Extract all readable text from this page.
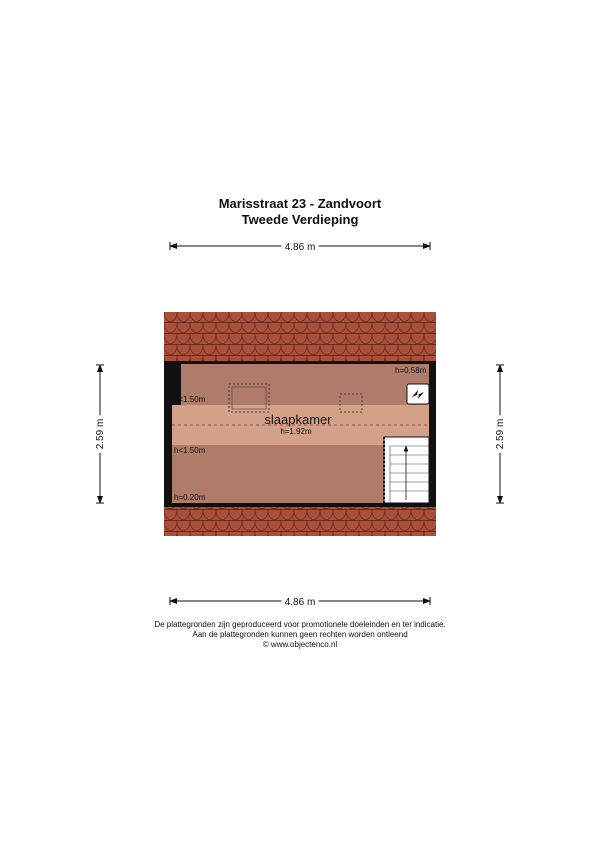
Marisstraat 23 - Zandvoort
Tweede Verdieping
h<1.50m
h<1.50m
h=0.20m
h=0.58m
slaapkamer
h=1.92m
4.86 m
4.86 m
2.59 m	2.59 m
De plattegronden zijn geproduceerd voor promotionele doeleinden en ter indicatie.
Aan de plattegronden kunnen geen rechten worden ontleend
© www.objectenco.nl
